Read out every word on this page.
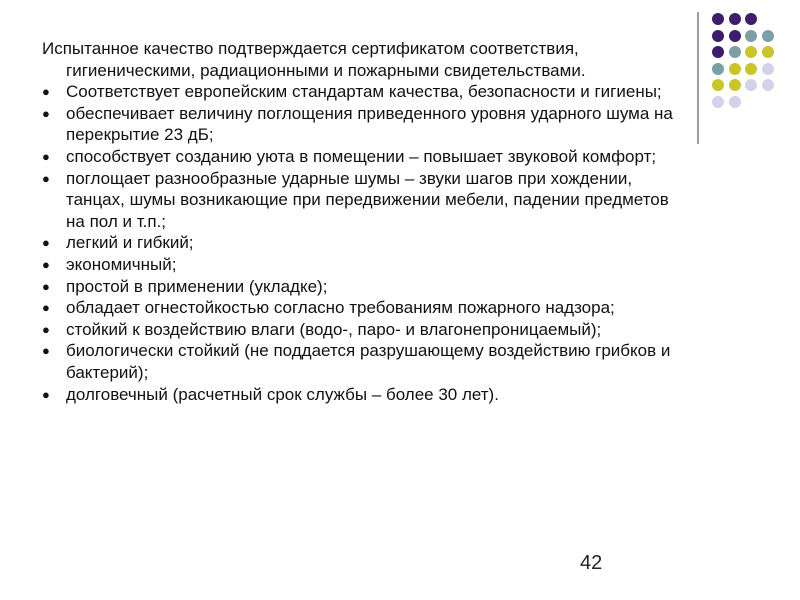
Испытанное качество подтверждается сертификатом соответствия, гигиеническими, радиационными и пожарными свидетельствами.

● Соответствует европейским стандартам качества, безопасности и гигиены;
● обеспечивает величину поглощения приведенного уровня ударного шума на перекрытие 23 дБ;
● способствует созданию уюта в помещении – повышает звуковой комфорт;
● поглощает разнообразные ударные шумы – звуки шагов при хождении, танцах, шумы возникающие при передвижении мебели, падении предметов на пол и т.п.;
● легкий и гибкий;
● экономичный;
● простой в применении (укладке);
● обладает огнестойкостью согласно требованиям пожарного надзора;
● стойкий к воздействию влаги (водо-, паро- и влагонепроницаемый);
● биологически стойкий (не поддается разрушающему воздействию грибков и бактерий);
● долговечный (расчетный срок службы – более 30 лет).
42
